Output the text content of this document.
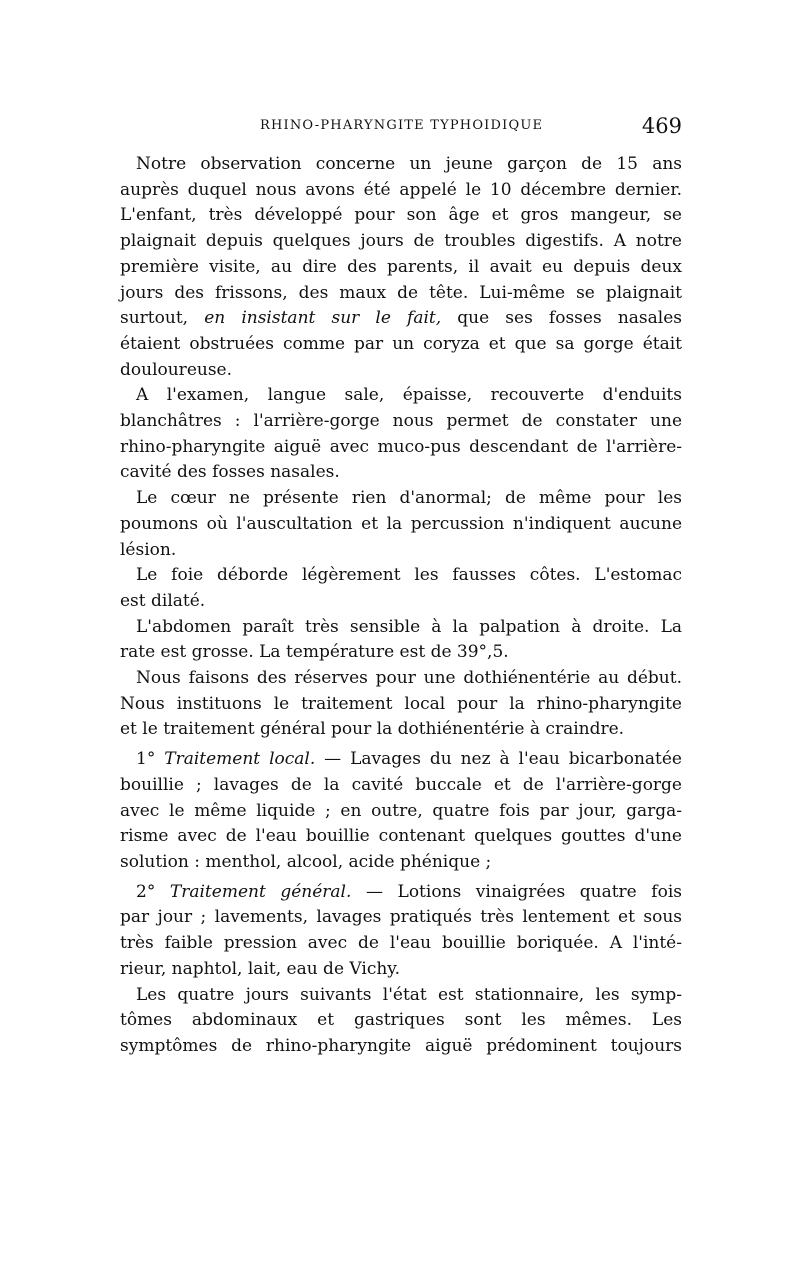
RHINO-PHARYNGITE TYPHOIDIQUE	469

Notre observation concerne un jeune garçon de 15 ans
auprès duquel nous avons été appelé le 10 décembre dernier.
L'enfant, très développé pour son âge et gros mangeur, se
plaignait depuis quelques jours de troubles digestifs. A notre
première visite, au dire des parents, il avait eu depuis deux
jours des frissons, des maux de tête. Lui-même se plaignait
surtout, en insistant sur le fait, que ses fosses nasales
étaient obstruées comme par un coryza et que sa gorge était
douloureuse.

A l'examen, langue sale, épaisse, recouverte d'enduits
blanchâtres : l'arrière-gorge nous permet de constater une
rhino-pharyngite aiguë avec muco-pus descendant de l'arrière-
cavité des fosses nasales.

Le cœur ne présente rien d'anormal; de même pour les
poumons où l'auscultation et la percussion n'indiquent aucune
lésion.

Le foie déborde légèrement les fausses côtes. L'estomac
est dilaté.

L'abdomen paraît très sensible à la palpation à droite. La
rate est grosse. La température est de 39°,5.

Nous faisons des réserves pour une dothiénentérie au début.
Nous instituons le traitement local pour la rhino-pharyngite
et le traitement général pour la dothiénentérie à craindre.

1° Traitement local. — Lavages du nez à l'eau bicarbonatée
bouillie ; lavages de la cavité buccale et de l'arrière-gorge
avec le même liquide ; en outre, quatre fois par jour, garga-
risme avec de l'eau bouillie contenant quelques gouttes d'une
solution : menthol, alcool, acide phénique ;

2° Traitement général. — Lotions vinaigrées quatre fois
par jour ; lavements, lavages pratiqués très lentement et sous
très faible pression avec de l'eau bouillie boriquée. A l'inté-
rieur, naphtol, lait, eau de Vichy.

Les quatre jours suivants l'état est stationnaire, les symp-
tômes abdominaux et gastriques sont les mêmes. Les
symptômes de rhino-pharyngite aiguë prédominent toujours
